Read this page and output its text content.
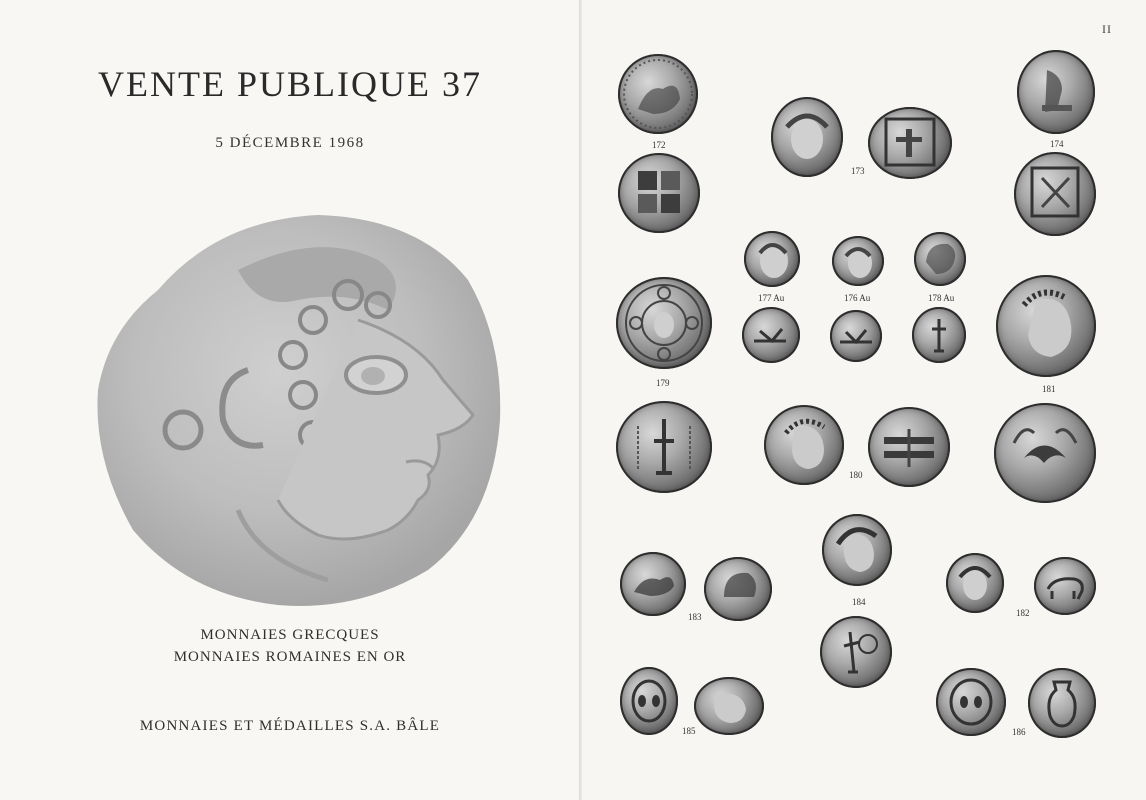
VENTE PUBLIQUE 37
5 DÉCEMBRE 1968
MONNAIES GRECQUES
MONNAIES ROMAINES EN OR
MONNAIES ET MÉDAILLES S.A. BÂLE
II
172
173
174
177 Au	176 Au	178 Au
179
181
180
184
183	182
185	186
